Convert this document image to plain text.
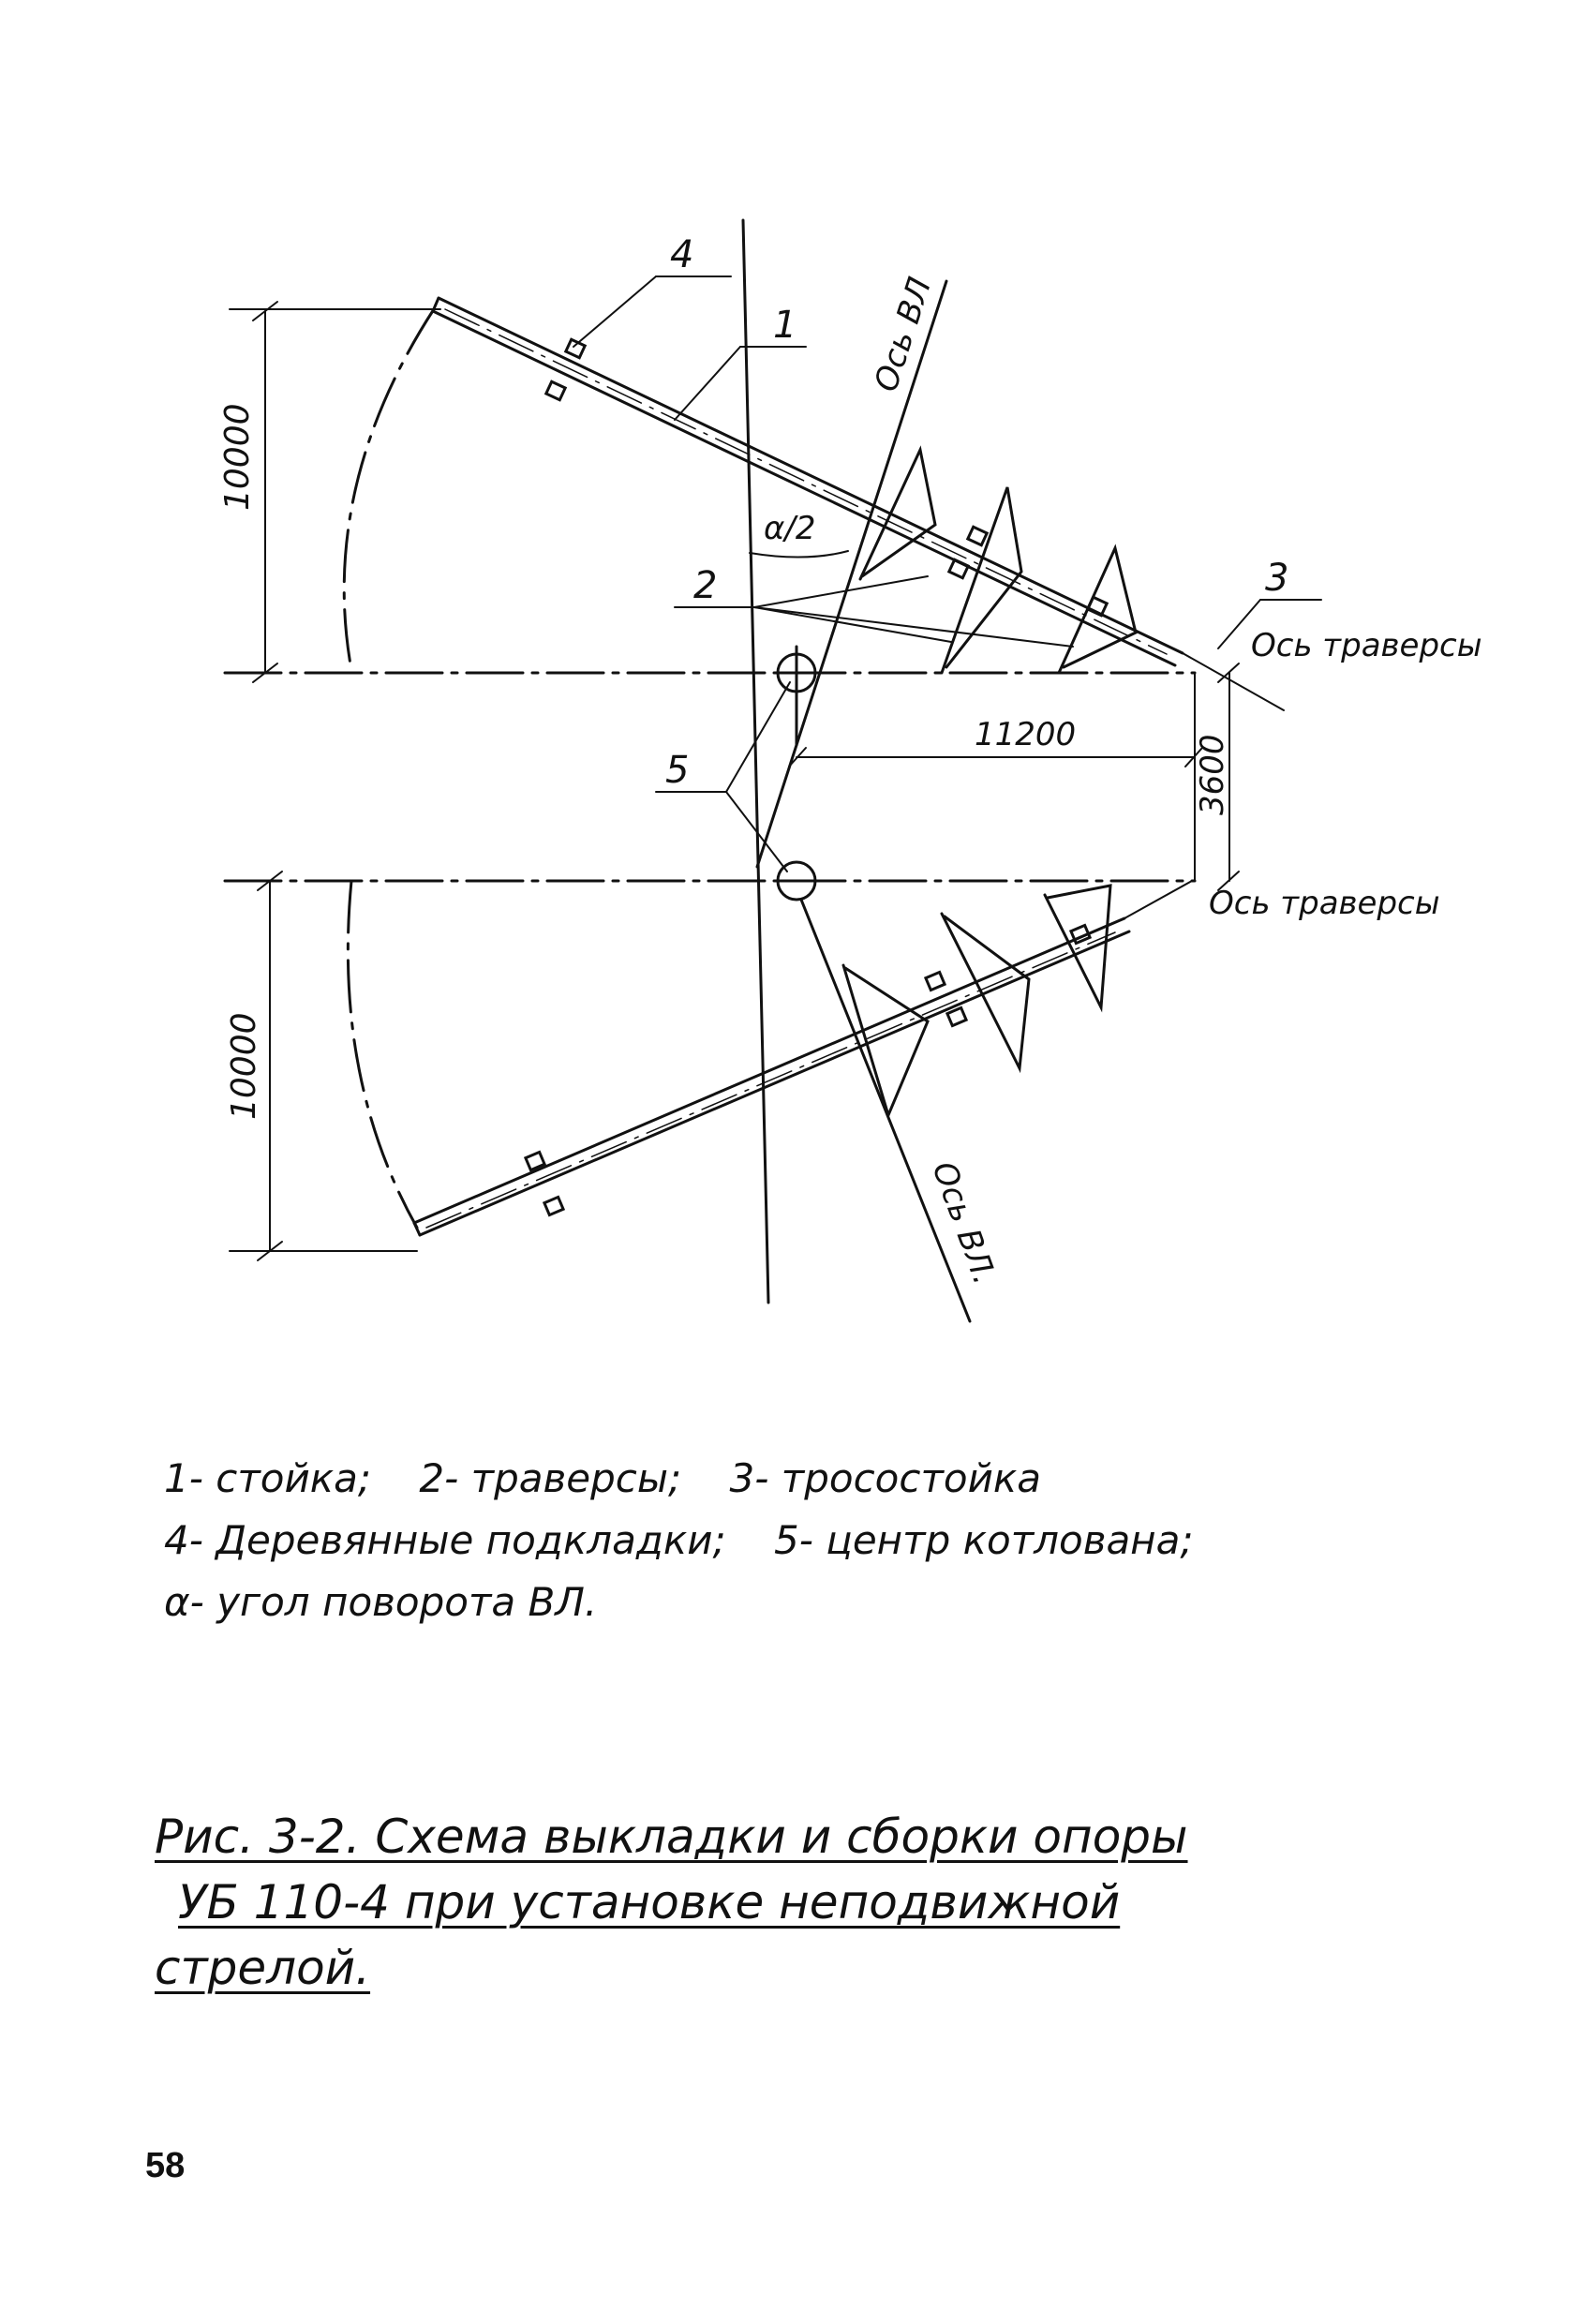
4
1
2	3
5
α/2
Ось ВЛ
Ось ВЛ.
Ось траверсы
Ось траверсы
10000
10000
11200	3600
1- стойка; 2- траверсы; 3- тросостойка
4- Деревянные подкладки; 5- центр котлована;
α- угол поворота ВЛ.
Рис. 3-2. Схема выкладки и сборки опоры
УБ 110-4 при установке неподвижной
стрелой.
58
